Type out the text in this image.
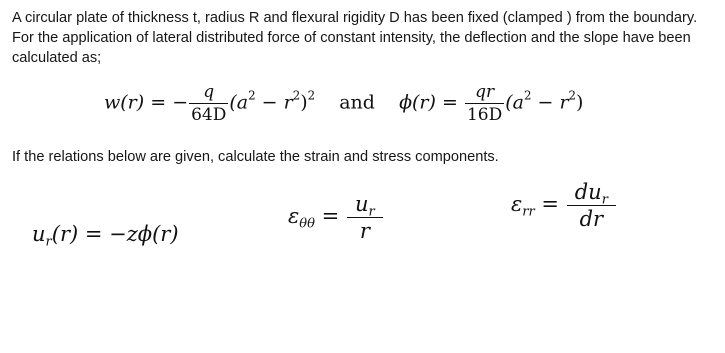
A circular plate of thickness t, radius R and flexural rigidity D has been fixed (clamped ) from the boundary. For the application of lateral distributed force of constant intensity, the deflection and the slope have been calculated as;
w(r) = − $\frac{q}{64D} (a^2 - r^2)^2$ and $\phi(r) = \frac{qr}{16D} (a^2 - r^2)$
If the relations below are given, calculate the strain and stress components.
$u_r(r) = -z\phi(r)$
$\varepsilon_{\theta\theta} = \frac{u_r}{r}$	$\varepsilon_{rr} = \frac{du_r}{dr}$
